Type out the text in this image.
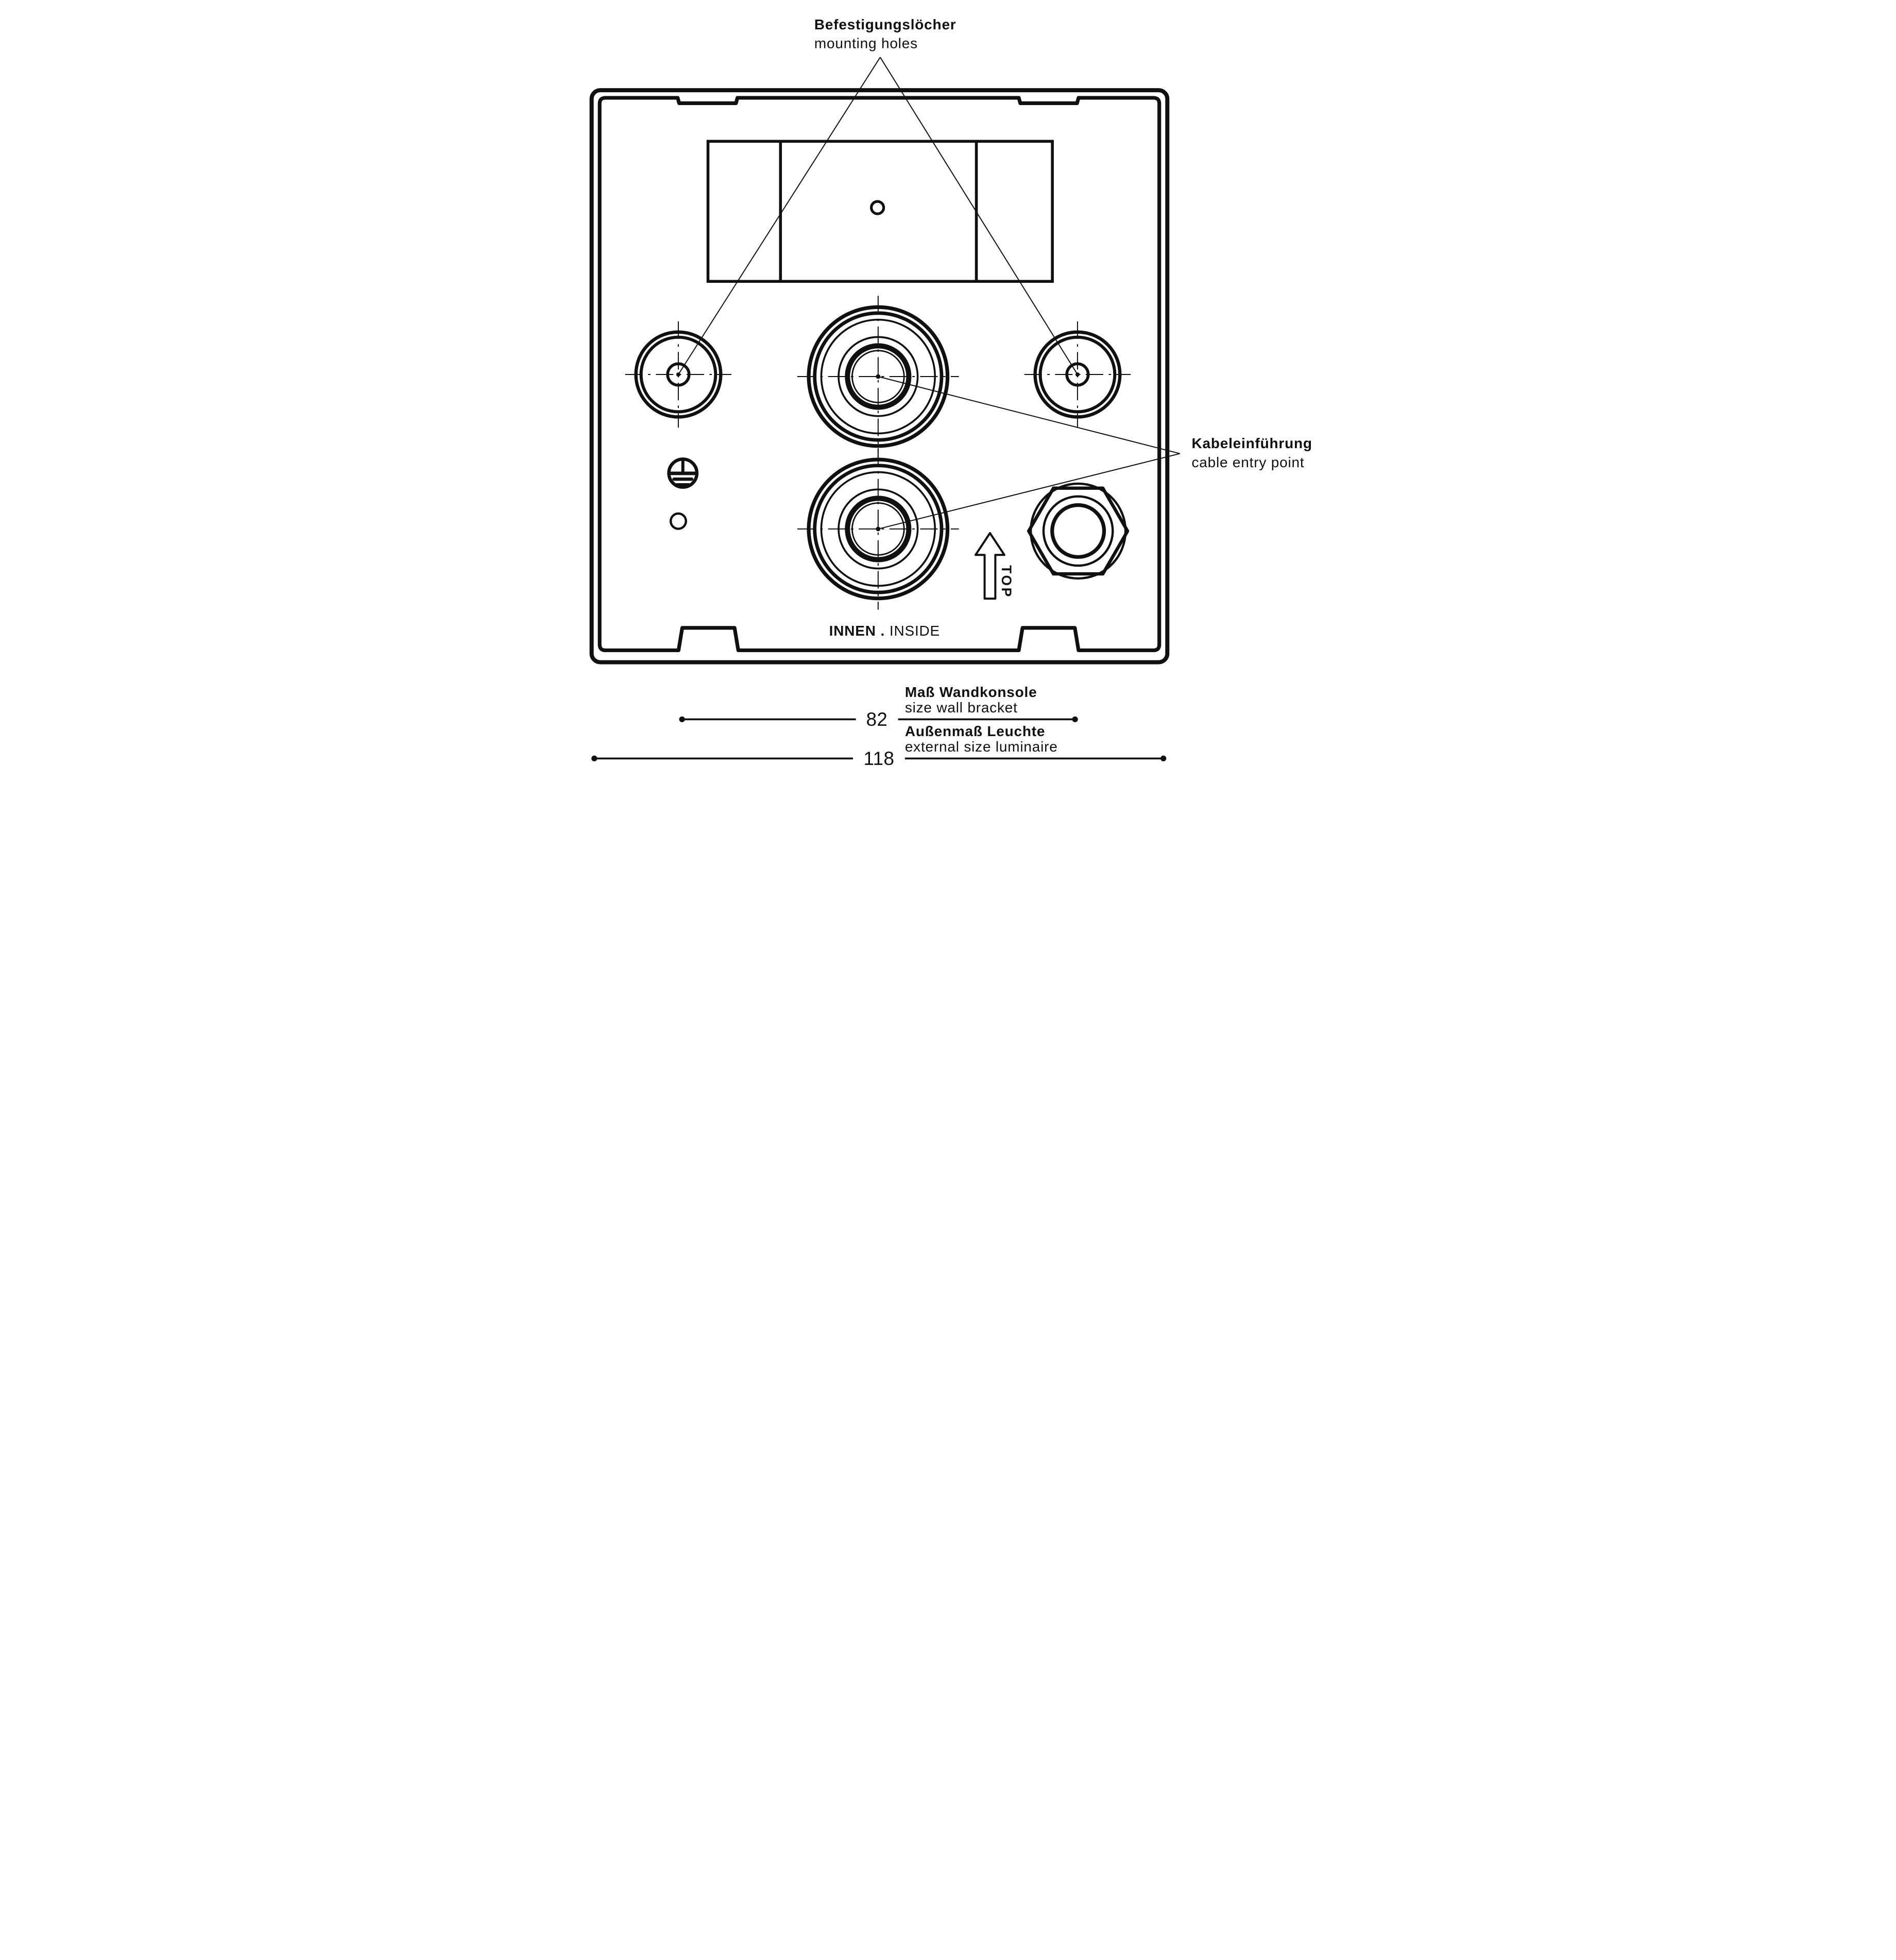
Befestigungslöcher
mounting holes
Kabeleinführung
cable entry point
TOP
INNEN . INSIDE
Maß Wandkonsole
size wall bracket
82
Außenmaß Leuchte
external size luminaire
118
